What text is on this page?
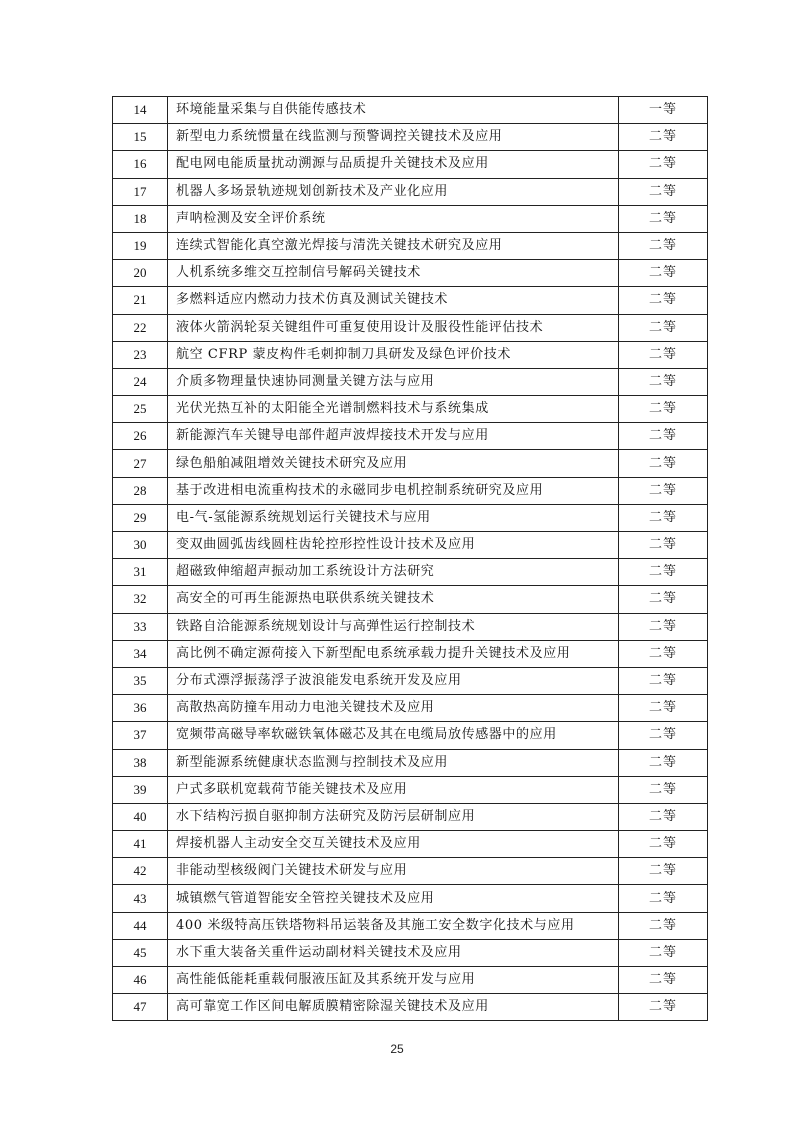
14	环境能量采集与自供能传感技术	一等
15	新型电力系统惯量在线监测与预警调控关键技术及应用	二等
16	配电网电能质量扰动溯源与品质提升关键技术及应用	二等
17	机器人多场景轨迹规划创新技术及产业化应用	二等
18	声呐检测及安全评价系统	二等
19	连续式智能化真空激光焊接与清洗关键技术研究及应用	二等
20	人机系统多维交互控制信号解码关键技术	二等
21	多燃料适应内燃动力技术仿真及测试关键技术	二等
22	液体火箭涡轮泵关键组件可重复使用设计及服役性能评估技术	二等
23	航空 CFRP 蒙皮构件毛刺抑制刀具研发及绿色评价技术	二等
24	介质多物理量快速协同测量关键方法与应用	二等
25	光伏光热互补的太阳能全光谱制燃料技术与系统集成	二等
26	新能源汽车关键导电部件超声波焊接技术开发与应用	二等
27	绿色船舶减阻增效关键技术研究及应用	二等
28	基于改进相电流重构技术的永磁同步电机控制系统研究及应用	二等
29	电-气-氢能源系统规划运行关键技术与应用	二等
30	变双曲圆弧齿线圆柱齿轮控形控性设计技术及应用	二等
31	超磁致伸缩超声振动加工系统设计方法研究	二等
32	高安全的可再生能源热电联供系统关键技术	二等
33	铁路自洽能源系统规划设计与高弹性运行控制技术	二等
34	高比例不确定源荷接入下新型配电系统承载力提升关键技术及应用	二等
35	分布式漂浮振荡浮子波浪能发电系统开发及应用	二等
36	高散热高防撞车用动力电池关键技术及应用	二等
37	宽频带高磁导率软磁铁氧体磁芯及其在电缆局放传感器中的应用	二等
38	新型能源系统健康状态监测与控制技术及应用	二等
39	户式多联机宽载荷节能关键技术及应用	二等
40	水下结构污损自驱抑制方法研究及防污层研制应用	二等
41	焊接机器人主动安全交互关键技术及应用	二等
42	非能动型核级阀门关键技术研发与应用	二等
43	城镇燃气管道智能安全管控关键技术及应用	二等
44	400 米级特高压铁塔物料吊运装备及其施工安全数字化技术与应用	二等
45	水下重大装备关重件运动副材料关键技术及应用	二等
46	高性能低能耗重载伺服液压缸及其系统开发与应用	二等
47	高可靠宽工作区间电解质膜精密除湿关键技术及应用	二等
25
